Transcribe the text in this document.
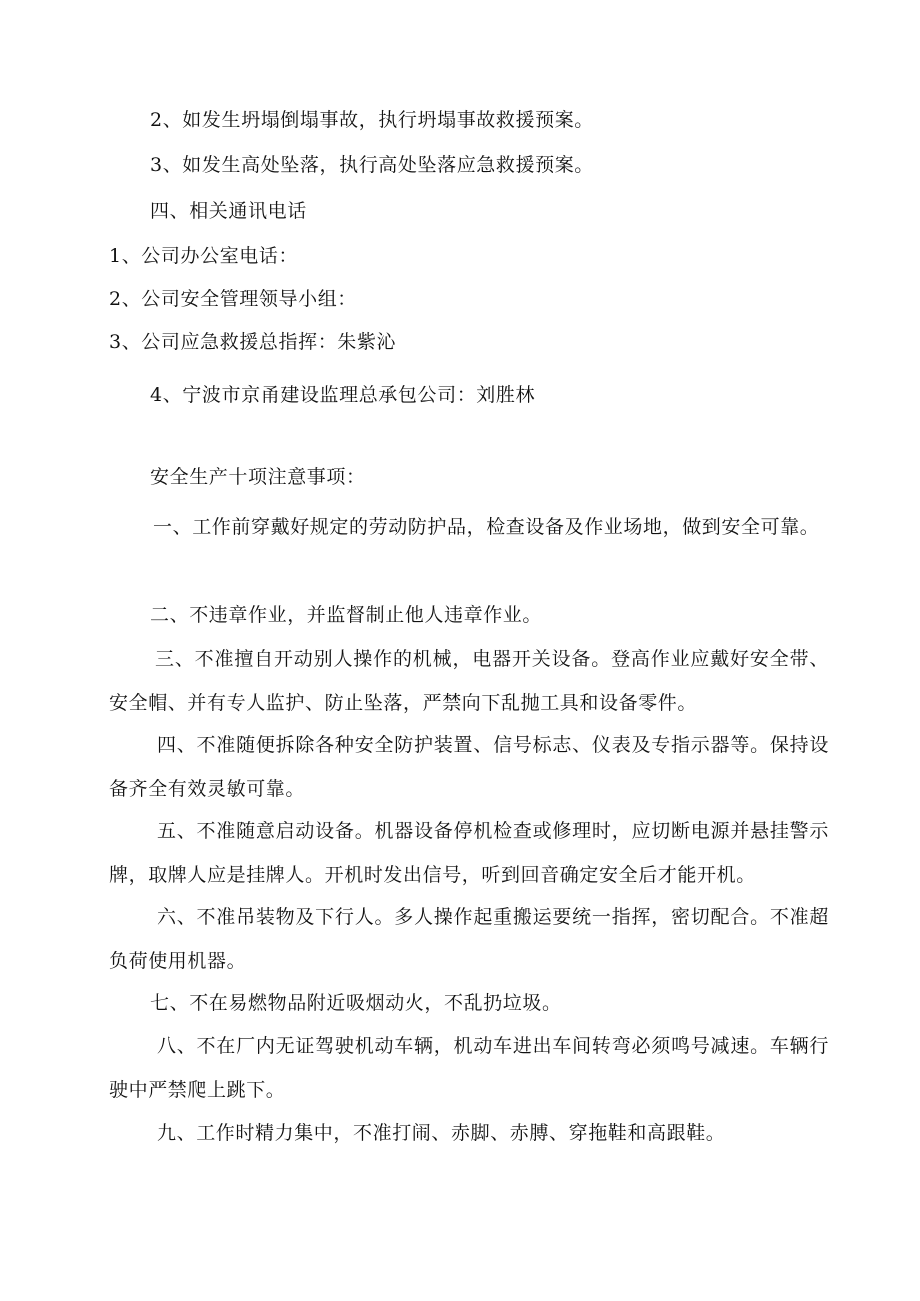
2、如发生坍塌倒塌事故，执行坍塌事故救援预案。
3、如发生高处坠落，执行高处坠落应急救援预案。
四、相关通讯电话
1、公司办公室电话：
2、公司安全管理领导小组：
3、公司应急救援总指挥：朱紫沁
4、宁波市京甬建设监理总承包公司：刘胜林
安全生产十项注意事项：
一、工作前穿戴好规定的劳动防护品，检查设备及作业场地，做到安全可靠。
二、不违章作业，并监督制止他人违章作业。
三、不准擅自开动别人操作的机械，电器开关设备。登高作业应戴好安全带、安全帽、并有专人监护、防止坠落，严禁向下乱抛工具和设备零件。
四、不准随便拆除各种安全防护装置、信号标志、仪表及专指示器等。保持设备齐全有效灵敏可靠。
五、不准随意启动设备。机器设备停机检查或修理时，应切断电源并悬挂警示牌，取牌人应是挂牌人。开机时发出信号，听到回音确定安全后才能开机。
六、不准吊装物及下行人。多人操作起重搬运要统一指挥，密切配合。不准超负荷使用机器。
七、不在易燃物品附近吸烟动火，不乱扔垃圾。
八、不在厂内无证驾驶机动车辆，机动车进出车间转弯必须鸣号减速。车辆行驶中严禁爬上跳下。
九、工作时精力集中，不准打闹、赤脚、赤膊、穿拖鞋和高跟鞋。
